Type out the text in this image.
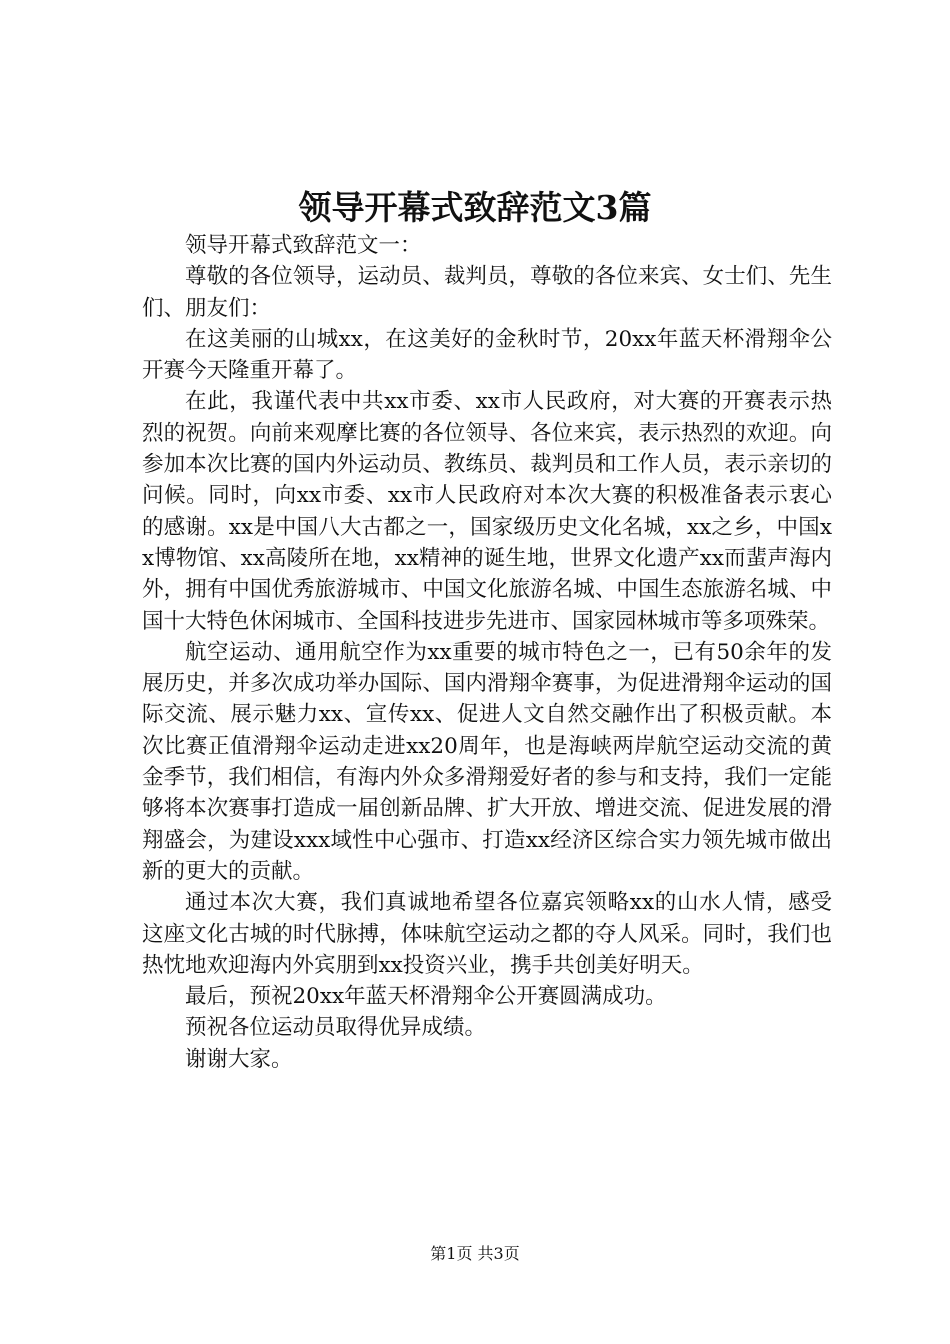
领导开幕式致辞范文3篇

领导开幕式致辞范文一：

尊敬的各位领导，运动员、裁判员，尊敬的各位来宾、女士们、先生们、朋友们：

在这美丽的山城xx，在这美好的金秋时节，20xx年蓝天杯滑翔伞公开赛今天隆重开幕了。

在此，我谨代表中共xx市委、xx市人民政府，对大赛的开赛表示热烈的祝贺。向前来观摩比赛的各位领导、各位来宾，表示热烈的欢迎。向参加本次比赛的国内外运动员、教练员、裁判员和工作人员，表示亲切的问候。同时，向xx市委、xx市人民政府对本次大赛的积极准备表示衷心的感谢。xx是中国八大古都之一，国家级历史文化名城，xx之乡，中国xx博物馆、xx高陵所在地，xx精神的诞生地，世界文化遗产xx而蜚声海内外，拥有中国优秀旅游城市、中国文化旅游名城、中国生态旅游名城、中国十大特色休闲城市、全国科技进步先进市、国家园林城市等多项殊荣。

航空运动、通用航空作为xx重要的城市特色之一，已有50余年的发展历史，并多次成功举办国际、国内滑翔伞赛事，为促进滑翔伞运动的国际交流、展示魅力xx、宣传xx、促进人文自然交融作出了积极贡献。本次比赛正值滑翔伞运动走进xx20周年，也是海峡两岸航空运动交流的黄金季节，我们相信，有海内外众多滑翔爱好者的参与和支持，我们一定能够将本次赛事打造成一届创新品牌、扩大开放、增进交流、促进发展的滑翔盛会，为建设xxx域性中心强市、打造xx经济区综合实力领先城市做出新的更大的贡献。

通过本次大赛，我们真诚地希望各位嘉宾领略xx的山水人情，感受这座文化古城的时代脉搏，体味航空运动之都的夺人风采。同时，我们也热忱地欢迎海内外宾朋到xx投资兴业，携手共创美好明天。

最后，预祝20xx年蓝天杯滑翔伞公开赛圆满成功。

预祝各位运动员取得优异成绩。

谢谢大家。

第1页 共3页
